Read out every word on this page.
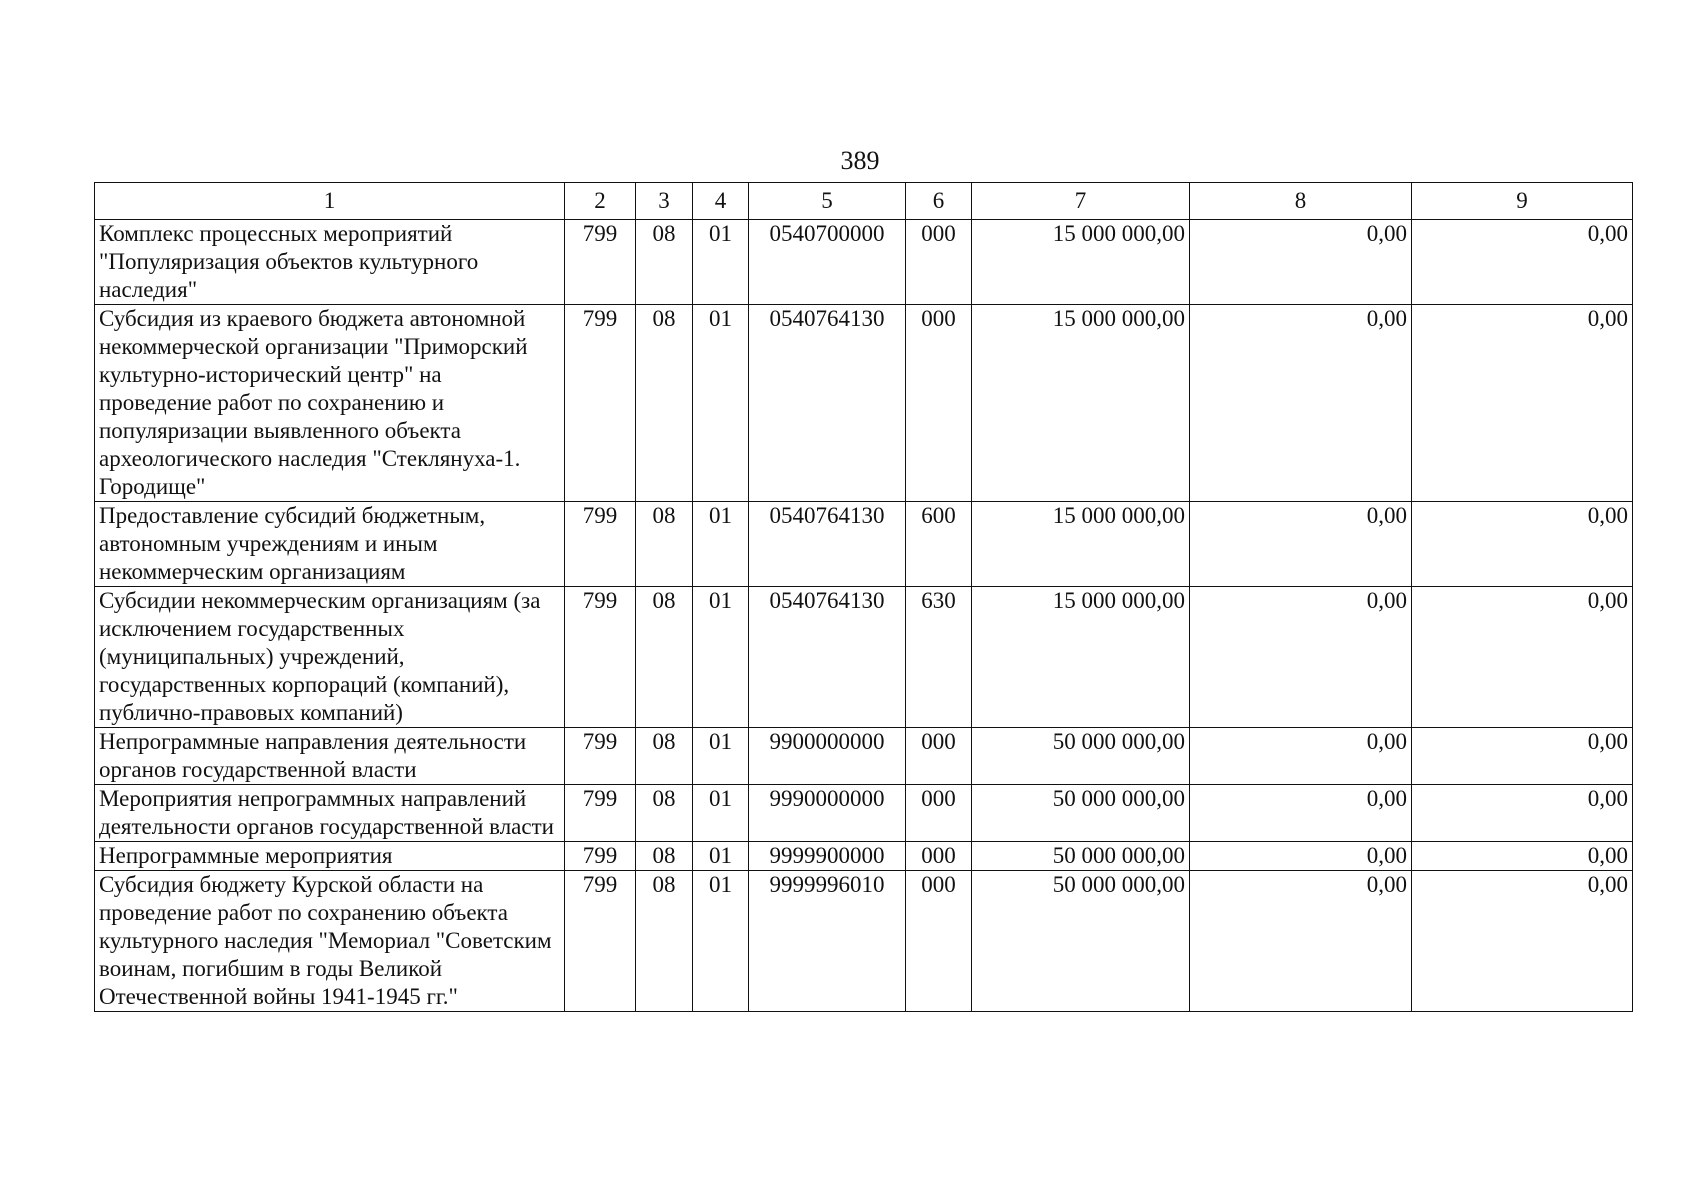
389
1	2	3	4	5	6	7	8	9
Комплекс процессных мероприятий "Популяризация объектов культурного наследия"	799	08	01	0540700000	000	15 000 000,00	0,00	0,00
Субсидия из краевого бюджета автономной некоммерческой организации "Приморский культурно-исторический центр" на проведение работ по сохранению и популяризации выявленного объекта археологического наследия "Стеклянуха-1. Городище"	799	08	01	0540764130	000	15 000 000,00	0,00	0,00
Предоставление субсидий бюджетным, автономным учреждениям и иным некоммерческим организациям	799	08	01	0540764130	600	15 000 000,00	0,00	0,00
Субсидии некоммерческим организациям (за исключением государственных (муниципальных) учреждений, государственных корпораций (компаний), публично-правовых компаний)	799	08	01	0540764130	630	15 000 000,00	0,00	0,00
Непрограммные направления деятельности органов государственной власти	799	08	01	9900000000	000	50 000 000,00	0,00	0,00
Мероприятия непрограммных направлений деятельности органов государственной власти	799	08	01	9990000000	000	50 000 000,00	0,00	0,00
Непрограммные мероприятия	799	08	01	9999900000	000	50 000 000,00	0,00	0,00
Субсидия бюджету Курской области на проведение работ по сохранению объекта культурного наследия "Мемориал "Советским воинам, погибшим в годы Великой Отечественной войны 1941-1945 гг."	799	08	01	9999996010	000	50 000 000,00	0,00	0,00
